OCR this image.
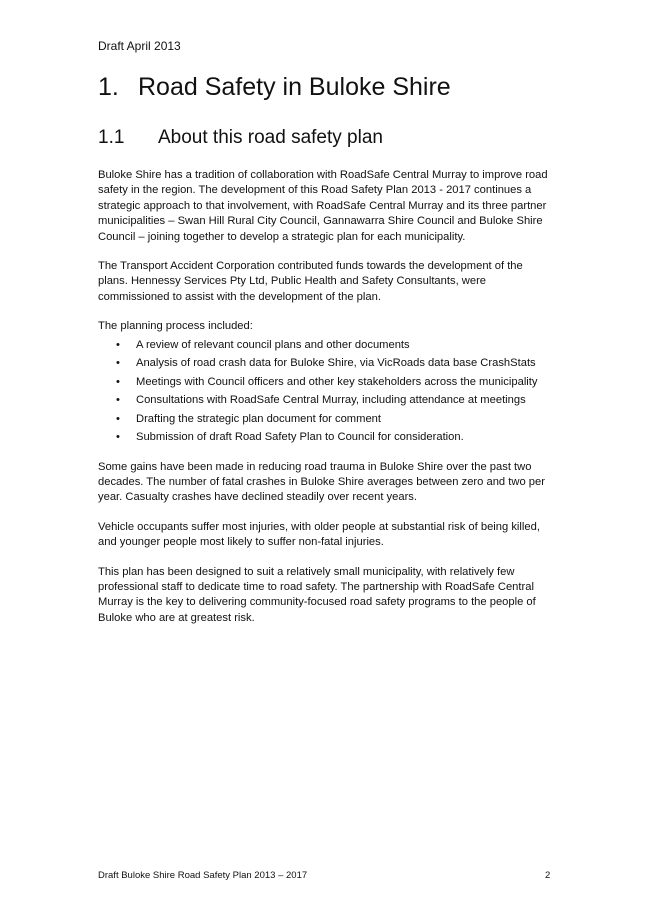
Draft April 2013
1. Road Safety in Buloke Shire
1.1 About this road safety plan

Buloke Shire has a tradition of collaboration with RoadSafe Central Murray to improve road safety in the region. The development of this Road Safety Plan 2013 - 2017 continues a strategic approach to that involvement, with RoadSafe Central Murray and its three partner municipalities – Swan Hill Rural City Council, Gannawarra Shire Council and Buloke Shire Council – joining together to develop a strategic plan for each municipality.

The Transport Accident Corporation contributed funds towards the development of the plans. Hennessy Services Pty Ltd, Public Health and Safety Consultants, were commissioned to assist with the development of the plan.

The planning process included:

• A review of relevant council plans and other documents
• Analysis of road crash data for Buloke Shire, via VicRoads data base CrashStats
• Meetings with Council officers and other key stakeholders across the municipality
• Consultations with RoadSafe Central Murray, including attendance at meetings
• Drafting the strategic plan document for comment
• Submission of draft Road Safety Plan to Council for consideration.

Some gains have been made in reducing road trauma in Buloke Shire over the past two decades. The number of fatal crashes in Buloke Shire averages between zero and two per year. Casualty crashes have declined steadily over recent years.

Vehicle occupants suffer most injuries, with older people at substantial risk of being killed, and younger people most likely to suffer non-fatal injuries.

This plan has been designed to suit a relatively small municipality, with relatively few professional staff to dedicate time to road safety. The partnership with RoadSafe Central Murray is the key to delivering community-focused road safety programs to the people of Buloke who are at greatest risk.

Draft Buloke Shire Road Safety Plan 2013 – 2017	2
